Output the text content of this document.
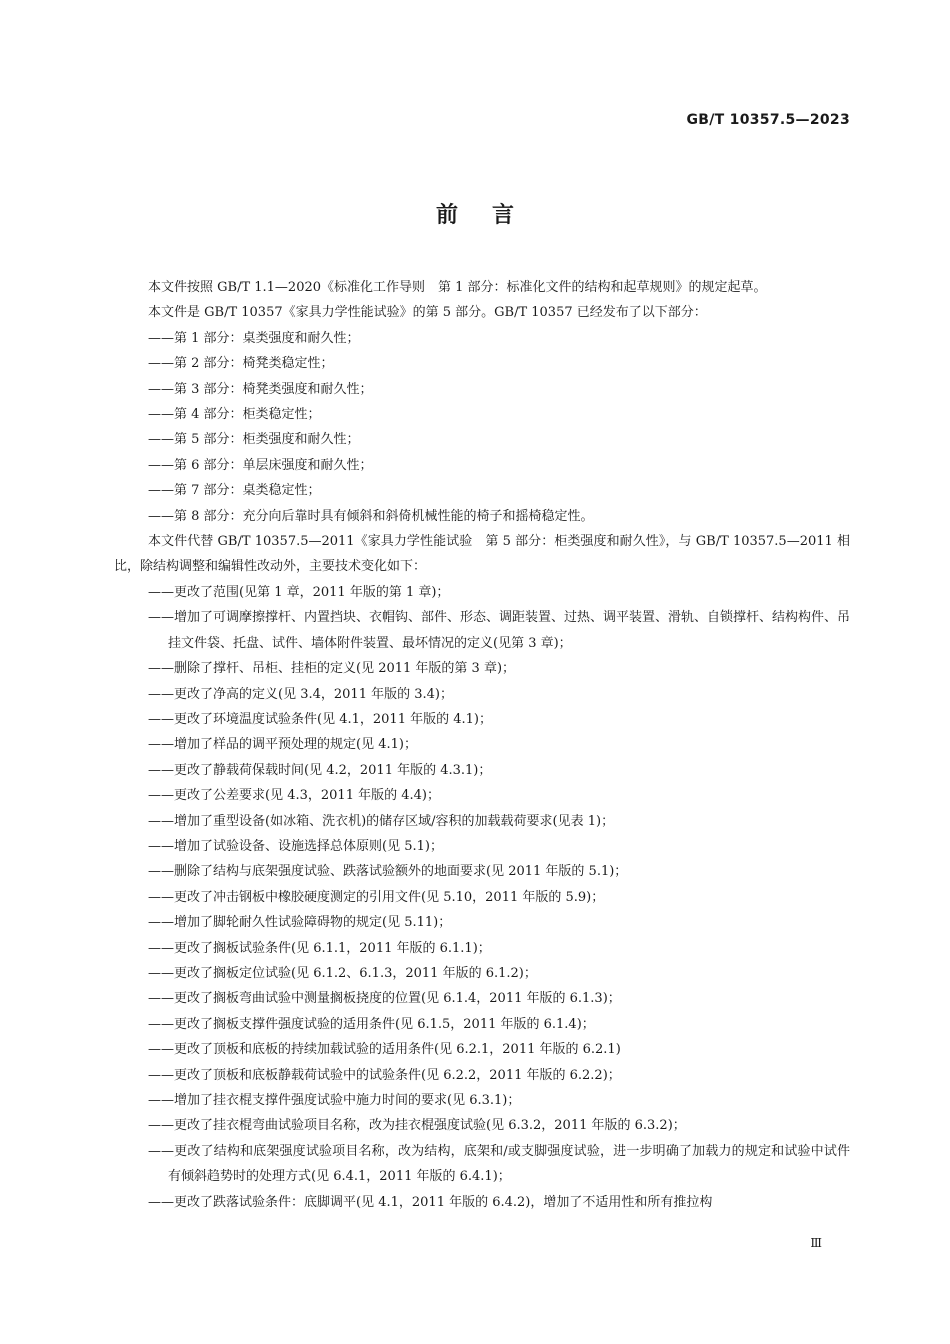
GB/T 10357.5—2023
前言

本文件按照 GB/T 1.1—2020《标准化工作导则　第 1 部分：标准化文件的结构和起草规则》的规定起草。

本文件是 GB/T 10357《家具力学性能试验》的第 5 部分。GB/T 10357 已经发布了以下部分：

——第 1 部分：桌类强度和耐久性；

——第 2 部分：椅凳类稳定性；

——第 3 部分：椅凳类强度和耐久性；

——第 4 部分：柜类稳定性；

——第 5 部分：柜类强度和耐久性；

——第 6 部分：单层床强度和耐久性；

——第 7 部分：桌类稳定性；

——第 8 部分：充分向后靠时具有倾斜和斜倚机械性能的椅子和摇椅稳定性。

本文件代替 GB/T 10357.5—2011《家具力学性能试验　第 5 部分：柜类强度和耐久性》，与 GB/T 10357.5—2011 相比，除结构调整和编辑性改动外，主要技术变化如下：

——更改了范围(见第 1 章，2011 年版的第 1 章)；

——增加了可调摩擦撑杆、内置挡块、衣帽钩、部件、形态、调距装置、过热、调平装置、滑轨、自锁撑杆、结构构件、吊挂文件袋、托盘、试件、墙体附件装置、最坏情况的定义(见第 3 章)；

——删除了撑杆、吊柜、挂柜的定义(见 2011 年版的第 3 章)；

——更改了净高的定义(见 3.4，2011 年版的 3.4)；

——更改了环境温度试验条件(见 4.1，2011 年版的 4.1)；

——增加了样品的调平预处理的规定(见 4.1)；

——更改了静载荷保载时间(见 4.2，2011 年版的 4.3.1)；

——更改了公差要求(见 4.3，2011 年版的 4.4)；

——增加了重型设备(如冰箱、洗衣机)的储存区域/容积的加载载荷要求(见表 1)；

——增加了试验设备、设施选择总体原则(见 5.1)；

——删除了结构与底架强度试验、跌落试验额外的地面要求(见 2011 年版的 5.1)；

——更改了冲击钢板中橡胶硬度测定的引用文件(见 5.10，2011 年版的 5.9)；

——增加了脚轮耐久性试验障碍物的规定(见 5.11)；

——更改了搁板试验条件(见 6.1.1，2011 年版的 6.1.1)；

——更改了搁板定位试验(见 6.1.2、6.1.3，2011 年版的 6.1.2)；

——更改了搁板弯曲试验中测量搁板挠度的位置(见 6.1.4，2011 年版的 6.1.3)；

——更改了搁板支撑件强度试验的适用条件(见 6.1.5，2011 年版的 6.1.4)；

——更改了顶板和底板的持续加载试验的适用条件(见 6.2.1，2011 年版的 6.2.1)

——更改了顶板和底板静载荷试验中的试验条件(见 6.2.2，2011 年版的 6.2.2)；

——增加了挂衣棍支撑件强度试验中施力时间的要求(见 6.3.1)；

——更改了挂衣棍弯曲试验项目名称，改为挂衣棍强度试验(见 6.3.2，2011 年版的 6.3.2)；

——更改了结构和底架强度试验项目名称，改为结构，底架和/或支脚强度试验，进一步明确了加载力的规定和试验中试件有倾斜趋势时的处理方式(见 6.4.1，2011 年版的 6.4.1)；

——更改了跌落试验条件：底脚调平(见 4.1，2011 年版的 6.4.2)，增加了不适用性和所有推拉构

Ⅲ
